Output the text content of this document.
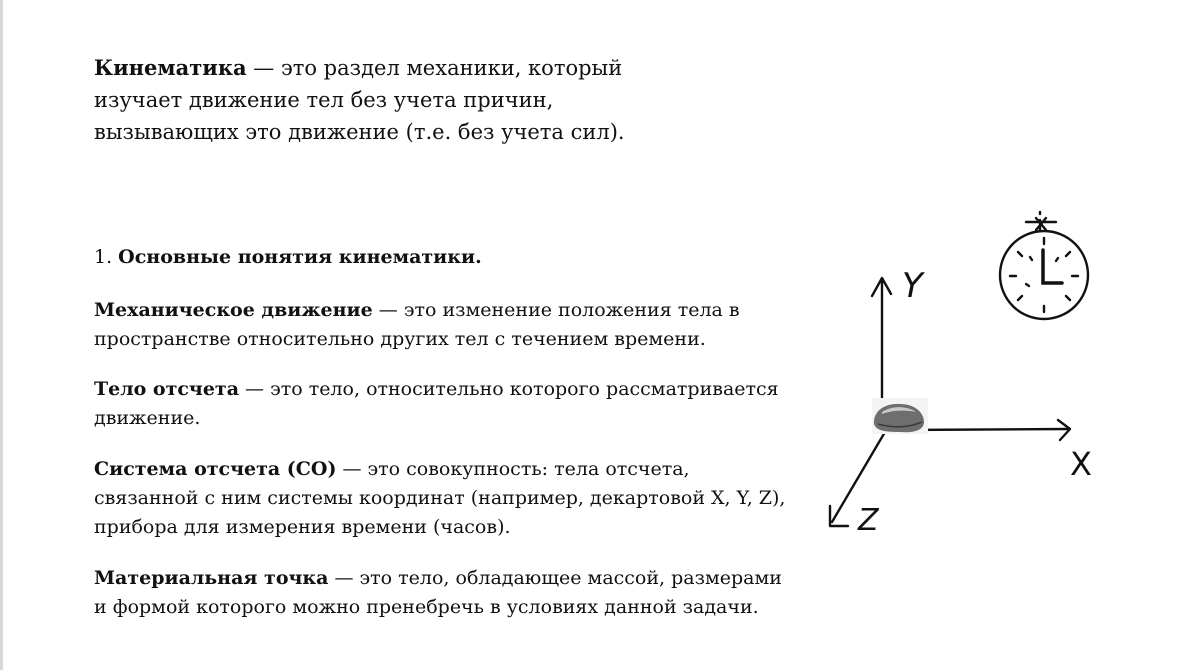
Кинематика — это раздел механики, который изучает движение тел без учета причин, вызывающих это движение (т.е. без учета сил).
1. Основные понятия кинематики.
Механическое движение — это изменение положения тела в пространстве относительно других тел с течением времени.
Тело отсчета — это тело, относительно которого рассматривается движение.
Система отсчета (СО) — это совокупность: тела отсчета, связанной с ним системы координат (например, декартовой X, Y, Z), прибора для измерения времени (часов).
Материальная точка — это тело, обладающее массой, размерами и формой которого можно пренебречь в условиях данной задачи.
Y
X
Z
